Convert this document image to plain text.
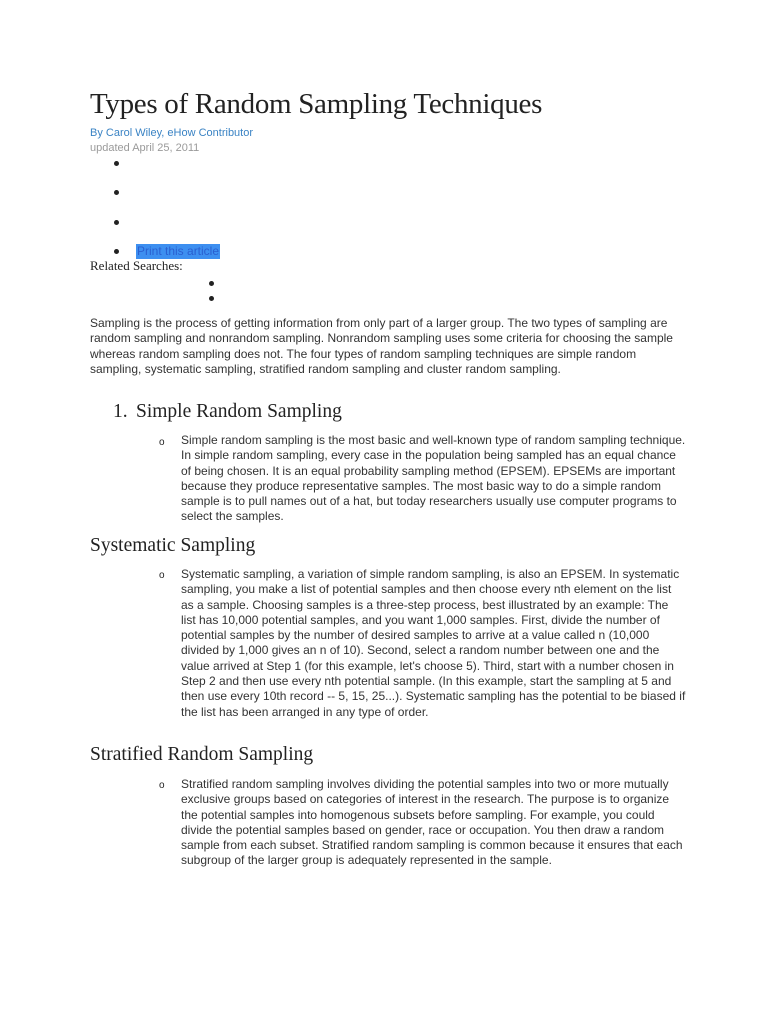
Types of Random Sampling Techniques
By Carol Wiley, eHow Contributor
updated April 25, 2011
Print this article
Related Searches:
Sampling is the process of getting information from only part of a larger group. The two types of sampling are random sampling and nonrandom sampling. Nonrandom sampling uses some criteria for choosing the sample whereas random sampling does not. The four types of random sampling techniques are simple random sampling, systematic sampling, stratified random sampling and cluster random sampling.
1. Simple Random Sampling
o Simple random sampling is the most basic and well-known type of random sampling technique. In simple random sampling, every case in the population being sampled has an equal chance of being chosen. It is an equal probability sampling method (EPSEM). EPSEMs are important because they produce representative samples. The most basic way to do a simple random sample is to pull names out of a hat, but today researchers usually use computer programs to select the samples.
Systematic Sampling
o Systematic sampling, a variation of simple random sampling, is also an EPSEM. In systematic sampling, you make a list of potential samples and then choose every nth element on the list as a sample. Choosing samples is a three-step process, best illustrated by an example: The list has 10,000 potential samples, and you want 1,000 samples. First, divide the number of potential samples by the number of desired samples to arrive at a value called n (10,000 divided by 1,000 gives an n of 10). Second, select a random number between one and the value arrived at Step 1 (for this example, let's choose 5). Third, start with a number chosen in Step 2 and then use every nth potential sample. (In this example, start the sampling at 5 and then use every 10th record -- 5, 15, 25...). Systematic sampling has the potential to be biased if the list has been arranged in any type of order.
Stratified Random Sampling
o Stratified random sampling involves dividing the potential samples into two or more mutually exclusive groups based on categories of interest in the research. The purpose is to organize the potential samples into homogenous subsets before sampling. For example, you could divide the potential samples based on gender, race or occupation. You then draw a random sample from each subset. Stratified random sampling is common because it ensures that each subgroup of the larger group is adequately represented in the sample.
